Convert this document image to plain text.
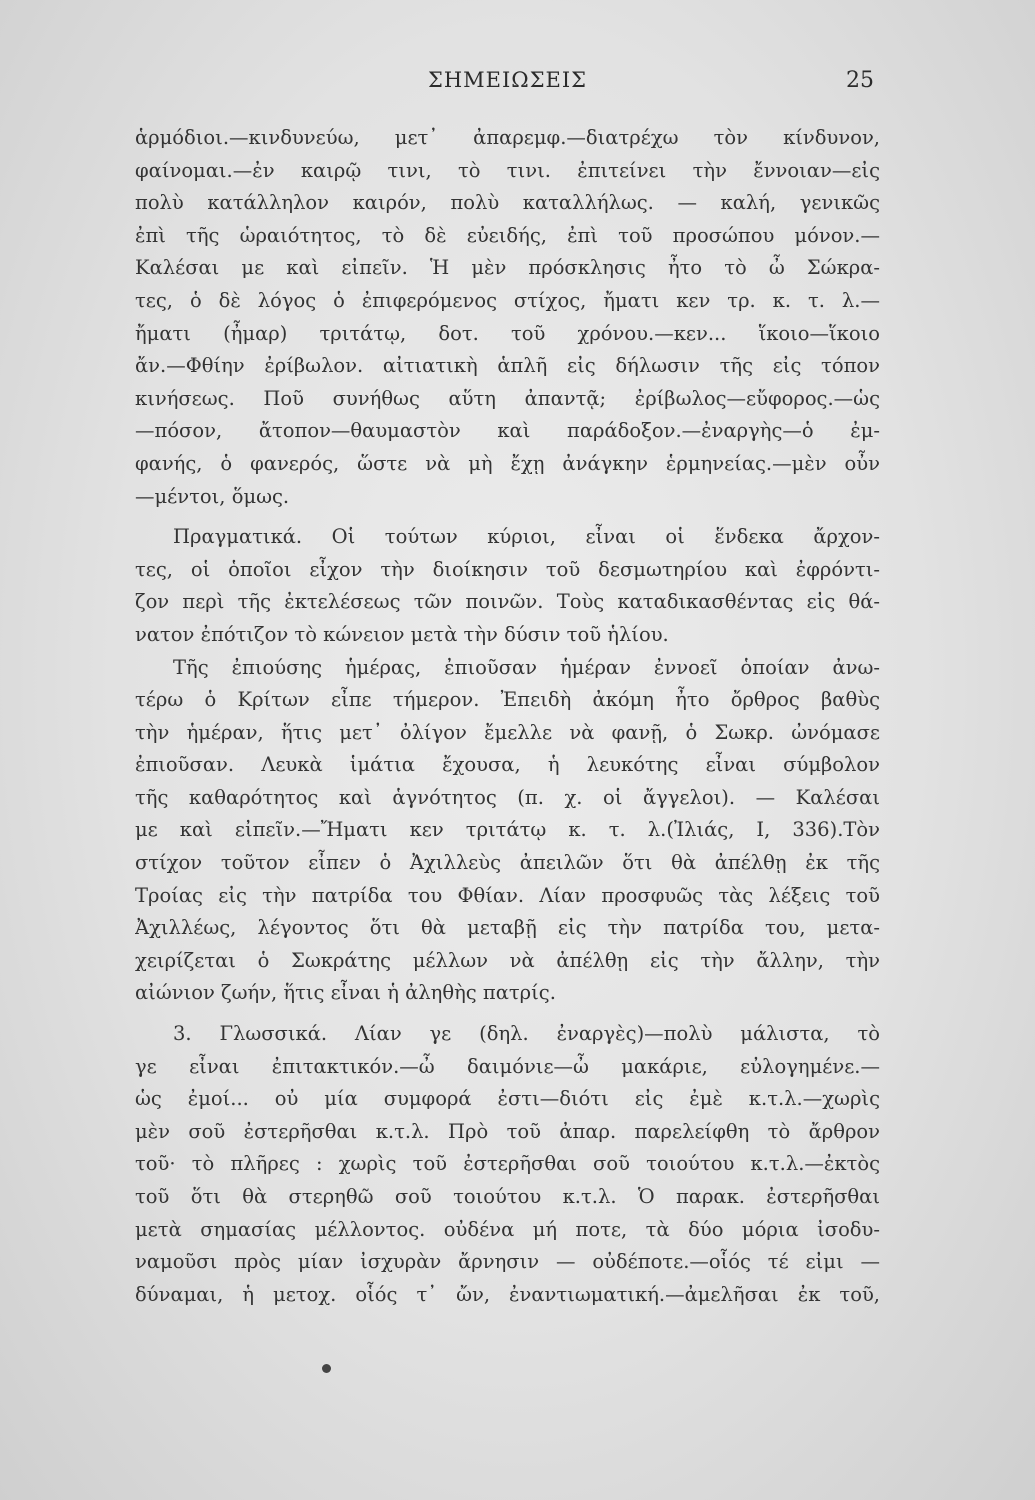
ΣΗΜΕΙΩΣΕΙΣ	25
ἁρμόδιοι.—κινδυνεύω, μετ᾽ ἀπαρεμφ.—διατρέχω τὸν κίνδυνον,
φαίνομαι.—ἐν καιρῷ τινι, τὸ τινι. ἐπιτείνει τὴν ἔννοιαν—εἰς
πολὺ κατάλληλον καιρόν, πολὺ καταλλήλως. — καλή, γενικῶς
ἐπὶ τῆς ὡραιότητος, τὸ δὲ εὐειδής, ἐπὶ τοῦ προσώπου μόνον.—
Καλέσαι με καὶ εἰπεῖν. Ἡ μὲν πρόσκλησις ἦτο τὸ ὦ Σώκρα-
τες, ὁ δὲ λόγος ὁ ἐπιφερόμενος στίχος, ἤματι κεν τρ. κ. τ. λ.—
ἤματι (ἦμαρ) τριτάτῳ, δοτ. τοῦ χρόνου.—κεν... ἵκοιο—ἵκοιο
ἄν.—Φθίην ἐρίβωλον. αἰτιατικὴ ἁπλῆ εἰς δήλωσιν τῆς εἰς τόπον
κινήσεως. Ποῦ συνήθως αὕτη ἀπαντᾷ; ἐρίβωλος—εὔφορος.—ὡς
—πόσον, ἄτοπον—θαυμαστὸν καὶ παράδοξον.—ἐναργὴς—ὁ ἐμ-
φανής, ὁ φανερός, ὥστε νὰ μὴ ἔχῃ ἀνάγκην ἑρμηνείας.—μὲν οὖν
—μέντοι, ὅμως.
Πραγματικά. Οἱ τούτων κύριοι, εἶναι οἱ ἕνδεκα ἄρχον-
τες, οἱ ὁποῖοι εἶχον τὴν διοίκησιν τοῦ δεσμωτηρίου καὶ ἐφρόντι-
ζον περὶ τῆς ἐκτελέσεως τῶν ποινῶν. Τοὺς καταδικασθέντας εἰς θά-
νατον ἐπότιζον τὸ κώνειον μετὰ τὴν δύσιν τοῦ ἡλίου.
Τῆς ἐπιούσης ἡμέρας, ἐπιοῦσαν ἡμέραν ἐννοεῖ ὁποίαν ἀνω-
τέρω ὁ Κρίτων εἶπε τήμερον. Ἐπειδὴ ἀκόμη ἦτο ὄρθρος βαθὺς
τὴν ἡμέραν, ἥτις μετ᾽ ὀλίγον ἔμελλε νὰ φανῇ, ὁ Σωκρ. ὠνόμασε
ἐπιοῦσαν. Λευκὰ ἱμάτια ἔχουσα, ἡ λευκότης εἶναι σύμβολον
τῆς καθαρότητος καὶ ἁγνότητος (π. χ. οἱ ἄγγελοι). — Καλέσαι
με καὶ εἰπεῖν.—Ἤματι κεν τριτάτῳ κ. τ. λ.(Ἰλιάς, Ι, 336).Τὸν
στίχον τοῦτον εἶπεν ὁ Ἀχιλλεὺς ἀπειλῶν ὅτι θὰ ἀπέλθῃ ἐκ τῆς
Τροίας εἰς τὴν πατρίδα του Φθίαν. Λίαν προσφυῶς τὰς λέξεις τοῦ
Ἀχιλλέως, λέγοντος ὅτι θὰ μεταβῇ εἰς τὴν πατρίδα του, μετα-
χειρίζεται ὁ Σωκράτης μέλλων νὰ ἀπέλθῃ εἰς τὴν ἄλλην, τὴν
αἰώνιον ζωήν, ἥτις εἶναι ἡ ἀληθὴς πατρίς.
3. Γλωσσικά. Λίαν γε (δηλ. ἐναργὲς)—πολὺ μάλιστα, τὸ
γε εἶναι ἐπιτακτικόν.—ὦ δαιμόνιε—ὦ μακάριε, εὐλογημένε.—
ὡς ἐμοί... οὐ μία συμφορά ἐστι—διότι εἰς ἐμὲ κ.τ.λ.—χωρὶς
μὲν σοῦ ἐστερῆσθαι κ.τ.λ. Πρὸ τοῦ ἀπαρ. παρελείφθη τὸ ἄρθρον
τοῦ· τὸ πλῆρες : χωρὶς τοῦ ἐστερῆσθαι σοῦ τοιούτου κ.τ.λ.—ἐκτὸς
τοῦ ὅτι θὰ στερηθῶ σοῦ τοιούτου κ.τ.λ. Ὁ παρακ. ἐστερῆσθαι
μετὰ σημασίας μέλλοντος. οὐδένα μή ποτε, τὰ δύο μόρια ἰσοδυ-
ναμοῦσι πρὸς μίαν ἰσχυρὰν ἄρνησιν — οὐδέποτε.—οἷός τέ εἰμι —
δύναμαι, ἡ μετοχ. οἷός τ᾽ ὤν, ἐναντιωματική.—ἀμελῆσαι ἐκ τοῦ,
